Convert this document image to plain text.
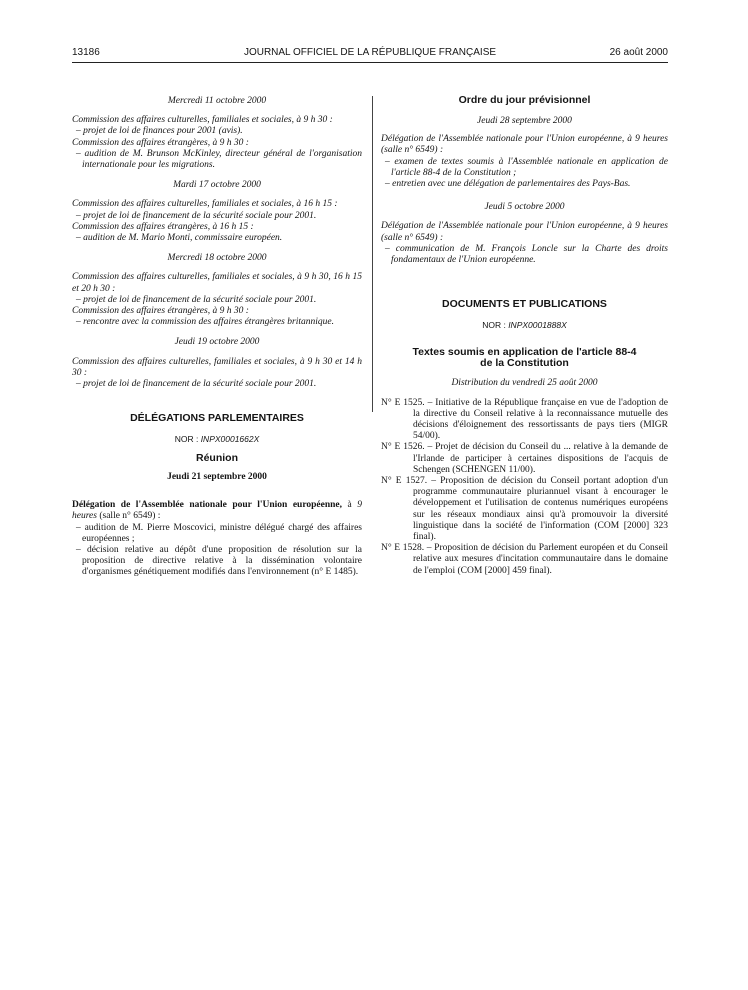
13186	JOURNAL OFFICIEL DE LA RÉPUBLIQUE FRANÇAISE	26 août 2000

Mercredi 11 octobre 2000

Commission des affaires culturelles, familiales et sociales, à 9 h 30 :

– projet de loi de finances pour 2001 (avis).

Commission des affaires étrangères, à 9 h 30 :

– audition de M. Brunson McKinley, directeur général de l'organisation internationale pour les migrations.

Mardi 17 octobre 2000

Commission des affaires culturelles, familiales et sociales, à 16 h 15 :

– projet de loi de financement de la sécurité sociale pour 2001.

Commission des affaires étrangères, à 16 h 15 :

– audition de M. Mario Monti, commissaire européen.

Mercredi 18 octobre 2000

Commission des affaires culturelles, familiales et sociales, à 9 h 30, 16 h 15 et 20 h 30 :

– projet de loi de financement de la sécurité sociale pour 2001.

Commission des affaires étrangères, à 9 h 30 :

– rencontre avec la commission des affaires étrangères britannique.

Jeudi 19 octobre 2000

Commission des affaires culturelles, familiales et sociales, à 9 h 30 et 14 h 30 :

– projet de loi de financement de la sécurité sociale pour 2001.

DÉLÉGATIONS PARLEMENTAIRES

NOR : INPX0001662X

Réunion

Jeudi 21 septembre 2000

Délégation de l'Assemblée nationale pour l'Union européenne, à 9 heures (salle n° 6549) :

– audition de M. Pierre Moscovici, ministre délégué chargé des affaires européennes ;

– décision relative au dépôt d'une proposition de résolution sur la proposition de directive relative à la dissémination volontaire d'organismes génétiquement modifiés dans l'environnement (n° E 1485).

Ordre du jour prévisionnel

Jeudi 28 septembre 2000

Délégation de l'Assemblée nationale pour l'Union européenne, à 9 heures (salle n° 6549) :

– examen de textes soumis à l'Assemblée nationale en application de l'article 88-4 de la Constitution ;

– entretien avec une délégation de parlementaires des Pays-Bas.

Jeudi 5 octobre 2000

Délégation de l'Assemblée nationale pour l'Union européenne, à 9 heures (salle n° 6549) :

– communication de M. François Loncle sur la Charte des droits fondamentaux de l'Union européenne.

DOCUMENTS ET PUBLICATIONS

NOR : INPX0001888X

Textes soumis en application de l'article 88-4
de la Constitution

Distribution du vendredi 25 août 2000

N° E 1525. – Initiative de la République française en vue de l'adoption de la directive du Conseil relative à la reconnaissance mutuelle des décisions d'éloignement des ressortissants de pays tiers (MIGR 54/00).

N° E 1526. – Projet de décision du Conseil du ... relative à la demande de l'Irlande de participer à certaines dispositions de l'acquis de Schengen (SCHENGEN 11/00).

N° E 1527. – Proposition de décision du Conseil portant adoption d'un programme communautaire pluriannuel visant à encourager le développement et l'utilisation de contenus numériques européens sur les réseaux mondiaux ainsi qu'à promouvoir la diversité linguistique dans la société de l'information (COM [2000] 323 final).

N° E 1528. – Proposition de décision du Parlement européen et du Conseil relative aux mesures d'incitation communautaire dans le domaine de l'emploi (COM [2000] 459 final).
